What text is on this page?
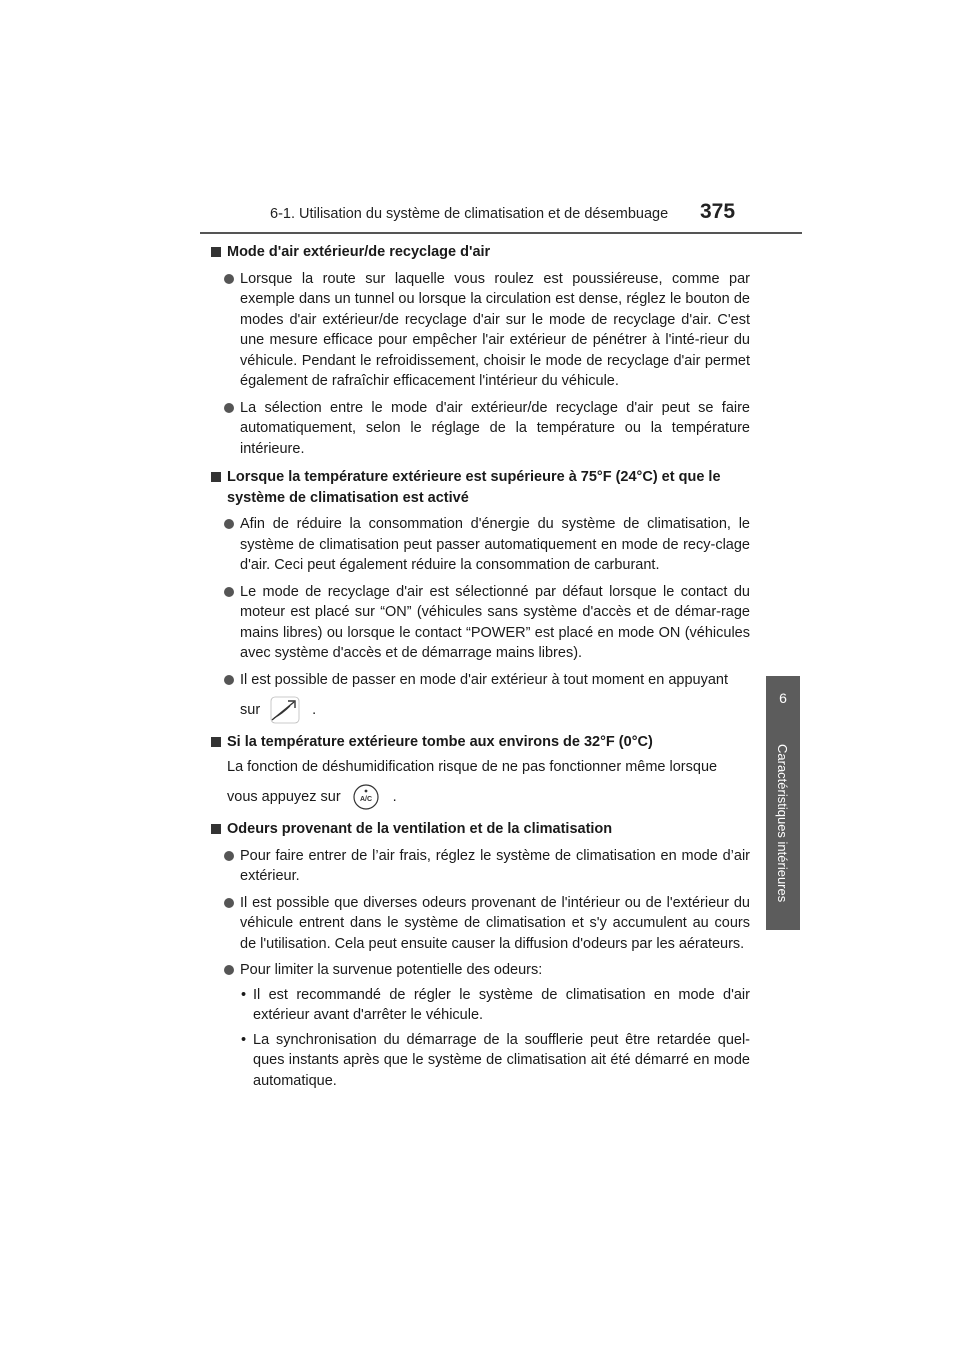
6-1. Utilisation du système de climatisation et de désembuage 375
6
Caractéristiques intérieures
Mode d'air extérieur/de recyclage d'air
Lorsque la route sur laquelle vous roulez est poussiéreuse, comme par exemple dans un tunnel ou lorsque la circulation est dense, réglez le bouton de modes d'air extérieur/de recyclage d'air sur le mode de recyclage d'air. C'est une mesure efficace pour empêcher l'air extérieur de pénétrer à l'inté-rieur du véhicule. Pendant le refroidissement, choisir le mode de recyclage d'air permet également de rafraîchir efficacement l'intérieur du véhicule.
La sélection entre le mode d'air extérieur/de recyclage d'air peut se faire automatiquement, selon le réglage de la température ou la température intérieure.
Lorsque la température extérieure est supérieure à 75°F (24°C) et que le système de climatisation est activé
Afin de réduire la consommation d'énergie du système de climatisation, le système de climatisation peut passer automatiquement en mode de recy-clage d'air. Ceci peut également réduire la consommation de carburant.
Le mode de recyclage d'air est sélectionné par défaut lorsque le contact du moteur est placé sur “ON” (véhicules sans système d'accès et de démar-rage mains libres) ou lorsque le contact “POWER” est placé en mode ON (véhicules avec système d'accès et de démarrage mains libres).
Il est possible de passer en mode d'air extérieur à tout moment en appuyant
sur	.
Si la température extérieure tombe aux environs de 32°F (0°C)
La fonction de déshumidification risque de ne pas fonctionner même lorsque
vous appuyez sur	A/C .
Odeurs provenant de la ventilation et de la climatisation
Pour faire entrer de l’air frais, réglez le système de climatisation en mode d’air extérieur.
Il est possible que diverses odeurs provenant de l'intérieur ou de l'extérieur du véhicule entrent dans le système de climatisation et s'y accumulent au cours de l'utilisation. Cela peut ensuite causer la diffusion d'odeurs par les aérateurs.
Pour limiter la survenue potentielle des odeurs:
• Il est recommandé de régler le système de climatisation en mode d'air extérieur avant d'arrêter le véhicule.
• La synchronisation du démarrage de la soufflerie peut être retardée quel-ques instants après que le système de climatisation ait été démarré en mode automatique.
